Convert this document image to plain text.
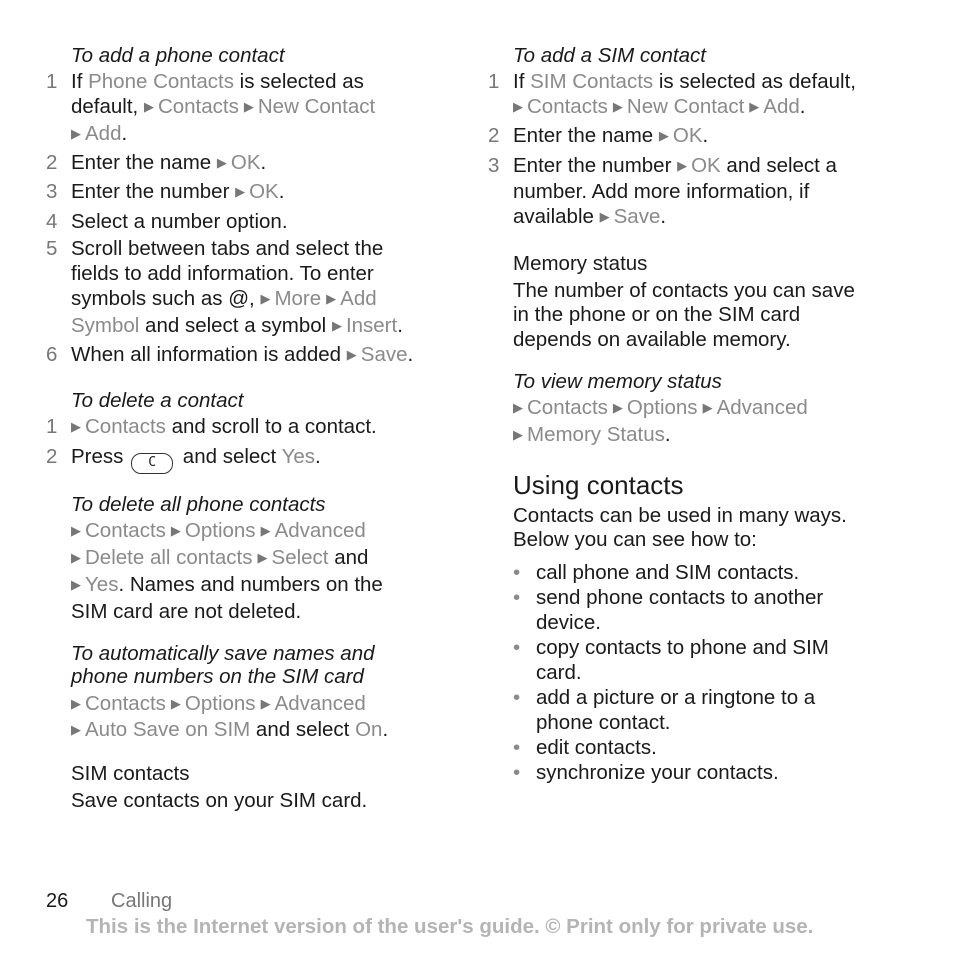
To add a phone contact
1 If Phone Contacts is selected as
default, ▶ Contacts ▶ New Contact
▶ Add.
2 Enter the name ▶ OK.
3 Enter the number ▶ OK.
4 Select a number option.
5 Scroll between tabs and select the
fields to add information. To enter
symbols such as @, ▶ More ▶ Add
Symbol and select a symbol ▶ Insert.
6 When all information is added ▶ Save.
To delete a contact
1	▶ Contacts and scroll to a contact.
2 Press C and select Yes.
To delete all phone contacts
▶ Contacts ▶ Options ▶ Advanced
▶ Delete all contacts ▶ Select and
▶ Yes. Names and numbers on the
SIM card are not deleted.
To automatically save names and
phone numbers on the SIM card
▶ Contacts ▶ Options ▶ Advanced
▶ Auto Save on SIM and select On.
SIM contacts
Save contacts on your SIM card.
To add a SIM contact
1 If SIM Contacts is selected as default,
▶ Contacts ▶ New Contact ▶ Add.
2 Enter the name ▶ OK.
3 Enter the number ▶ OK and select a
number. Add more information, if
available ▶ Save.
Memory status
The number of contacts you can save
in the phone or on the SIM card
depends on available memory.
To view memory status
▶ Contacts ▶ Options ▶ Advanced
▶ Memory Status.
Using contacts
Contacts can be used in many ways.
Below you can see how to:
• call phone and SIM contacts.
• send phone contacts to another
device.
• copy contacts to phone and SIM
card.
• add a picture or a ringtone to a
phone contact.
• edit contacts.
• synchronize your contacts.
26 Calling
This is the Internet version of the user's guide. © Print only for private use.
